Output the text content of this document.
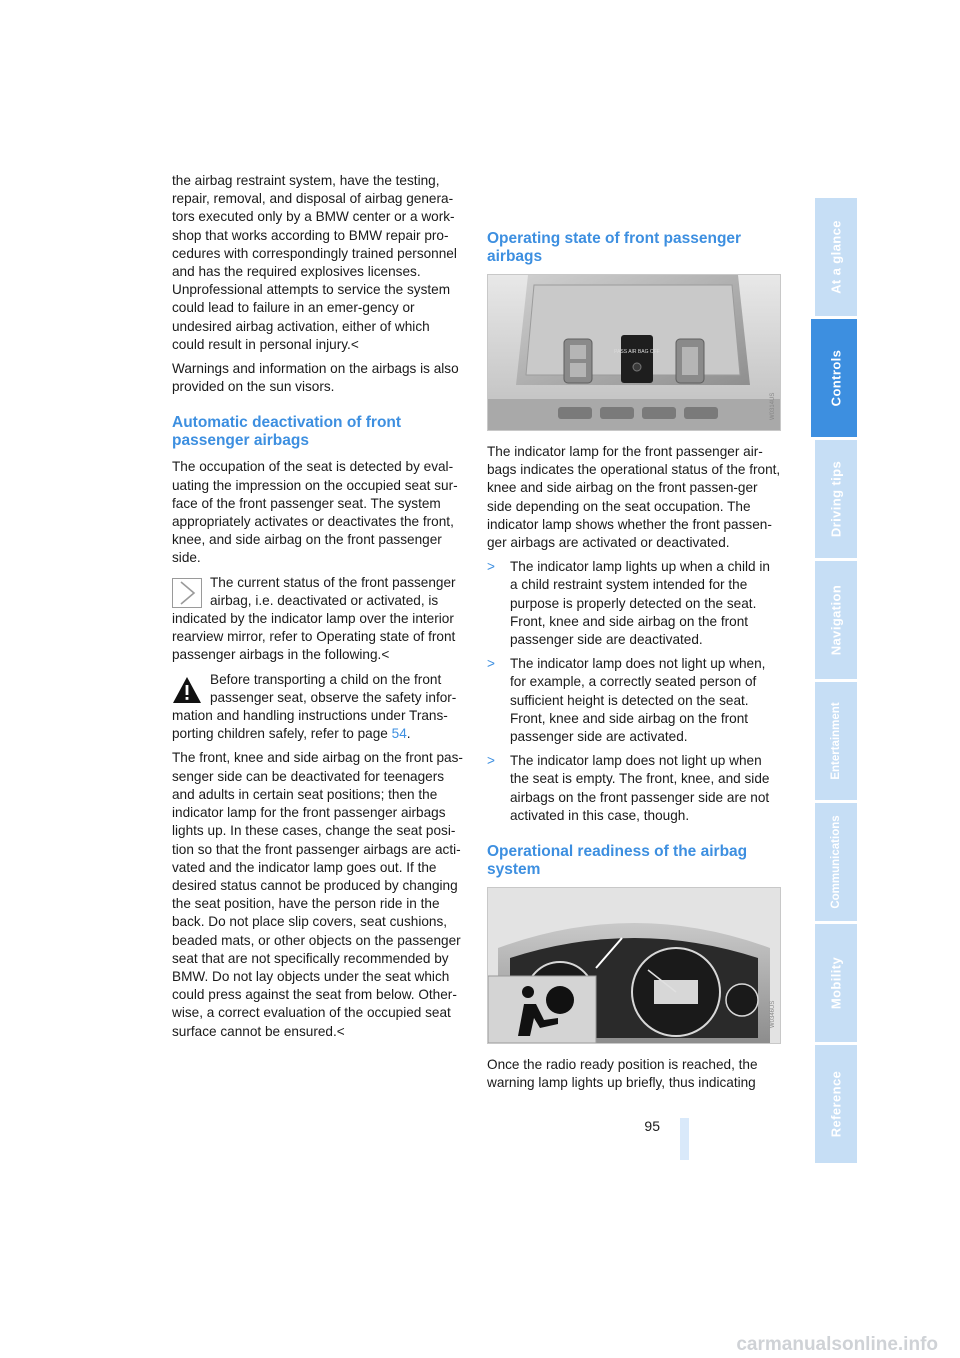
the airbag restraint system, have the testing, repair, removal, and disposal of airbag genera-tors executed only by a BMW center or a work-shop that works according to BMW repair pro-cedures with correspondingly trained personnel and has the required explosives licenses. Unprofessional attempts to service the system could lead to failure in an emer-gency or undesired airbag activation, either of which could result in personal injury.<

Warnings and information on the airbags is also provided on the sun visors.

Automatic deactivation of front passenger airbags

The occupation of the seat is detected by eval-uating the impression on the occupied seat sur-face of the front passenger seat. The system appropriately activates or deactivates the front, knee, and side airbag on the front passenger side.

The current status of the front passenger airbag, i.e. deactivated or activated, is indicated by the indicator lamp over the interior rearview mirror, refer to Operating state of front passenger airbags in the following.<
Before transporting a child on the front passenger seat, observe the safety infor-mation and handling instructions under Trans-porting children safely, refer to page 54.

The front, knee and side airbag on the front pas-senger side can be deactivated for teenagers and adults in certain seat positions; then the indicator lamp for the front passenger airbags lights up. In these cases, change the seat posi-tion so that the front passenger airbags are acti-vated and the indicator lamp goes out. If the desired status cannot be produced by changing the seat position, have the person ride in the back. Do not place slip covers, seat cushions, beaded mats, or other objects on the passenger seat that are not specifically recommended by BMW. Do not lay objects under the seat which could press against the seat from below. Other-wise, a correct evaluation of the occupied seat surface cannot be ensured.<

Operating state of front passenger airbags
PASS AIR BAG OFF
W0314US

The indicator lamp for the front passenger air-bags indicates the operational status of the front, knee and side airbag on the front passen-ger side depending on the seat occupation. The indicator lamp shows whether the front passen-ger airbags are activated or deactivated.

> The indicator lamp lights up when a child in a child restraint system intended for the purpose is properly detected on the seat. Front, knee and side airbag on the front passenger side are deactivated.
> The indicator lamp does not light up when, for example, a correctly seated person of sufficient height is detected on the seat. Front, knee and side airbag on the front passenger side are activated.
> The indicator lamp does not light up when the seat is empty. The front, knee, and side airbags on the front passenger side are not activated in this case, though.
Operational readiness of the airbag system
W0346US

Once the radio ready position is reached, the warning lamp lights up briefly, thus indicating

95
At a glance
Controls
Driving tips
Navigation
Entertainment
Communications
Mobility
Reference
carmanualsonline.info
